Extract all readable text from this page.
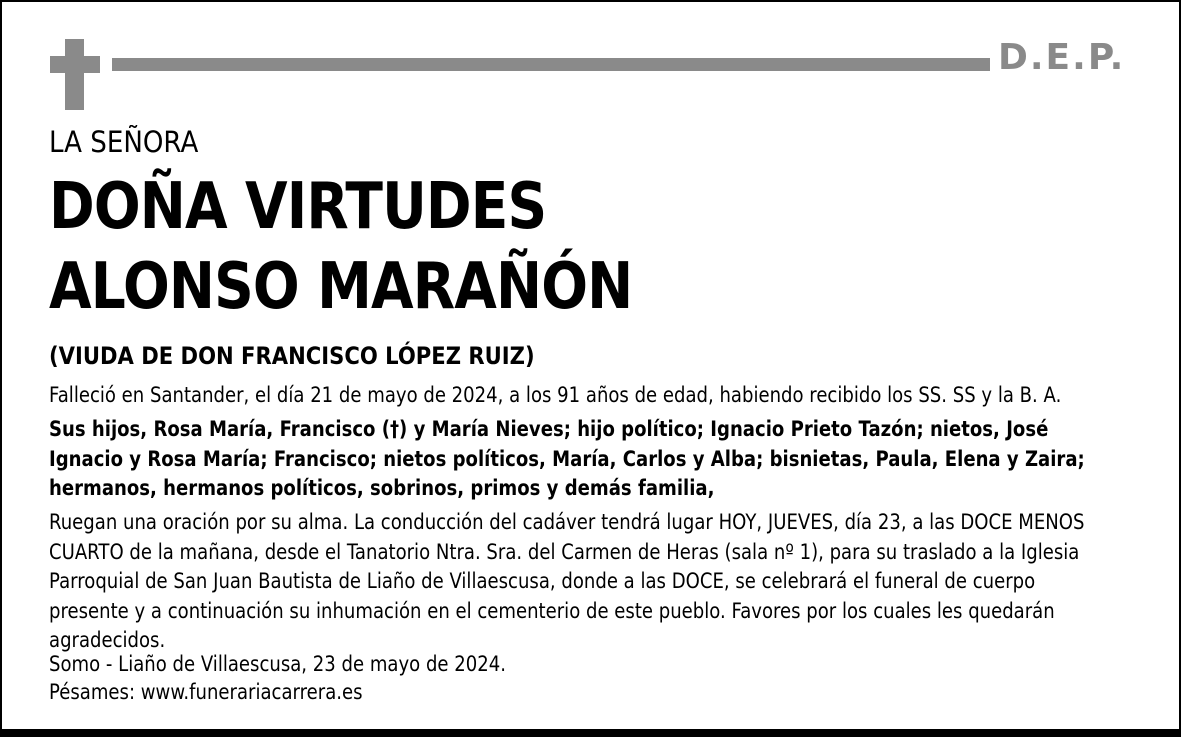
D.E.P.
LA SEÑORA
DOÑA VIRTUDES
ALONSO MARAÑÓN
(VIUDA DE DON FRANCISCO LÓPEZ RUIZ)
Falleció en Santander, el día 21 de mayo de 2024, a los 91 años de edad, habiendo recibido los SS. SS y la B. A.
Sus hijos, Rosa María, Francisco (†) y María Nieves; hijo político; Ignacio Prieto Tazón; nietos, José Ignacio y Rosa María; Francisco; nietos políticos, María, Carlos y Alba; bisnietas, Paula, Elena y Zaira; hermanos, hermanos políticos, sobrinos, primos y demás familia,
Ruegan una oración por su alma. La conducción del cadáver tendrá lugar HOY, JUEVES, día 23, a las DOCE MENOS CUARTO de la mañana, desde el Tanatorio Ntra. Sra. del Carmen de Heras (sala nº 1), para su traslado a la Iglesia Parroquial de San Juan Bautista de Liaño de Villaescusa, donde a las DOCE, se celebrará el funeral de cuerpo presente y a continuación su inhumación en el cementerio de este pueblo. Favores por los cuales les quedarán agradecidos.
Somo - Liaño de Villaescusa, 23 de mayo de 2024.
Pésames: www.funerariacarrera.es
